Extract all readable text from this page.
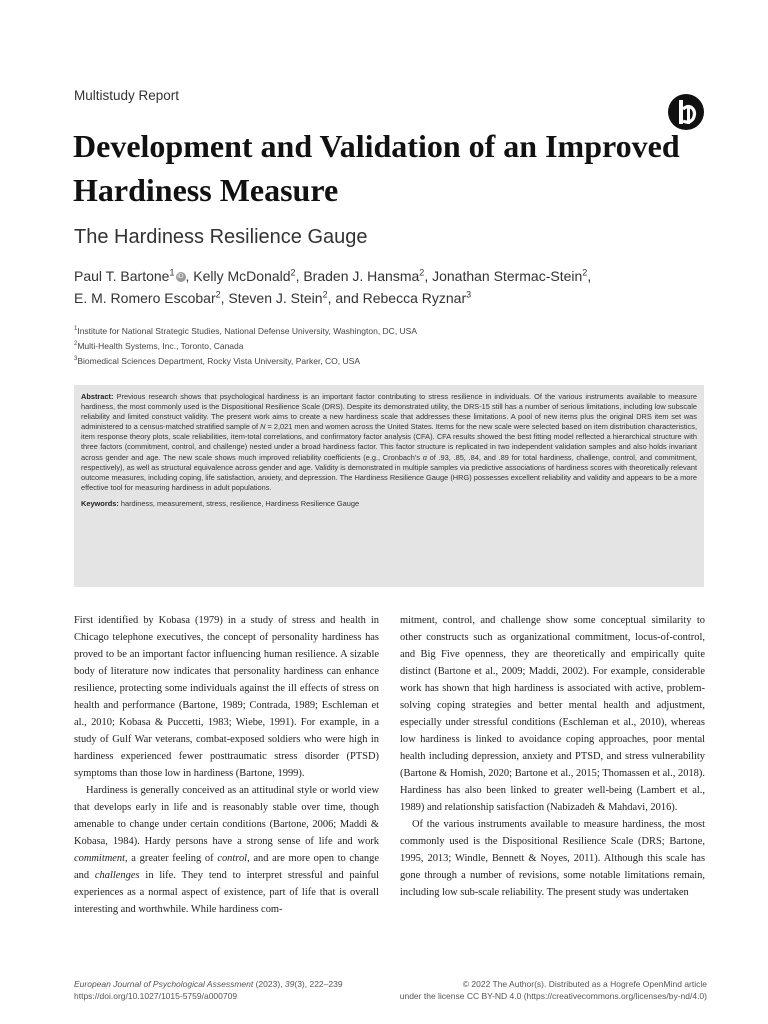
Multistudy Report
Development and Validation of an Improved Hardiness Measure
The Hardiness Resilience Gauge
Paul T. Bartone$^1$ iD , Kelly McDonald$^2$, Braden J. Hansma$^2$, Jonathan Stermac-Stein$^2$,
E. M. Romero Escobar$^2$, Steven J. Stein$^2$, and Rebecca Ryznar$^3$
$^1$Institute for National Strategic Studies, National Defense University, Washington, DC, USA
$^2$Multi-Health Systems, Inc., Toronto, Canada
$^3$Biomedical Sciences Department, Rocky Vista University, Parker, CO, USA

Abstract: Previous research shows that psychological hardiness is an important factor contributing to stress resilience in individuals. Of the various instruments available to measure hardiness, the most commonly used is the Dispositional Resilience Scale (DRS). Despite its demonstrated utility, the DRS-15 still has a number of serious limitations, including low subscale reliability and limited construct validity. The present work aims to create a new hardiness scale that addresses these limitations. A pool of new items plus the original DRS item set was administered to a census-matched stratified sample of N = 2,021 men and women across the United States. Items for the new scale were selected based on item distribution characteristics, item response theory plots, scale reliabilities, item-total correlations, and confirmatory factor analysis (CFA). CFA results showed the best fitting model reflected a hierarchical structure with three factors (commitment, control, and challenge) nested under a broad hardiness factor. This factor structure is replicated in two independent validation samples and also holds invariant across gender and age. The new scale shows much improved reliability coefficients (e.g., Cronbach’s α of .93, .85, .84, and .89 for total hardiness, challenge, control, and commitment, respectively), as well as structural equivalence across gender and age. Validity is demonstrated in multiple samples via predictive associations of hardiness scores with theoretically relevant outcome measures, including coping, life satisfaction, anxiety, and depression. The Hardiness Resilience Gauge (HRG) possesses excellent reliability and validity and appears to be a more effective tool for measuring hardiness in adult populations.

Keywords: hardiness, measurement, stress, resilience, Hardiness Resilience Gauge

First identified by Kobasa (1979) in a study of stress and health in Chicago telephone executives, the concept of personality hardiness has proved to be an important factor influencing human resilience. A sizable body of literature now indicates that personality hardiness can enhance resilience, protecting some individuals against the ill effects of stress on health and performance (Bartone, 1989; Contrada, 1989; Eschleman et al., 2010; Kobasa & Puccetti, 1983; Wiebe, 1991). For example, in a study of Gulf War veterans, combat-exposed soldiers who were high in hardiness experienced fewer posttraumatic stress disorder (PTSD) symptoms than those low in hardiness (Bartone, 1999).

Hardiness is generally conceived as an attitudinal style or world view that develops early in life and is reasonably stable over time, though amenable to change under certain conditions (Bartone, 2006; Maddi & Kobasa, 1984). Hardy persons have a strong sense of life and work commitment, a greater feeling of control, and are more open to change and challenges in life. They tend to interpret stressful and painful experiences as a normal aspect of existence, part of life that is overall interesting and worthwhile. While hardiness com-

mitment, control, and challenge show some conceptual similarity to other constructs such as organizational commitment, locus-of-control, and Big Five openness, they are theoretically and empirically quite distinct (Bartone et al., 2009; Maddi, 2002). For example, considerable work has shown that high hardiness is associated with active, problem-solving coping strategies and better mental health and adjustment, especially under stressful conditions (Eschleman et al., 2010), whereas low hardiness is linked to avoidance coping approaches, poor mental health including depression, anxiety and PTSD, and stress vulnerability (Bartone & Homish, 2020; Bartone et al., 2015; Thomassen et al., 2018). Hardiness has also been linked to greater well-being (Lambert et al., 1989) and relationship satisfaction (Nabizadeh & Mahdavi, 2016).

Of the various instruments available to measure hardiness, the most commonly used is the Dispositional Resilience Scale (DRS; Bartone, 1995, 2013; Windle, Bennett & Noyes, 2011). Although this scale has gone through a number of revisions, some notable limitations remain, including low sub-scale reliability. The present study was undertaken

European Journal of Psychological Assessment (2023), 39(3), 222–239
https://doi.org/10.1027/1015-5759/a000709
© 2022 The Author(s). Distributed as a Hogrefe OpenMind article
under the license CC BY-ND 4.0 (https://creativecommons.org/licenses/by-nd/4.0)
